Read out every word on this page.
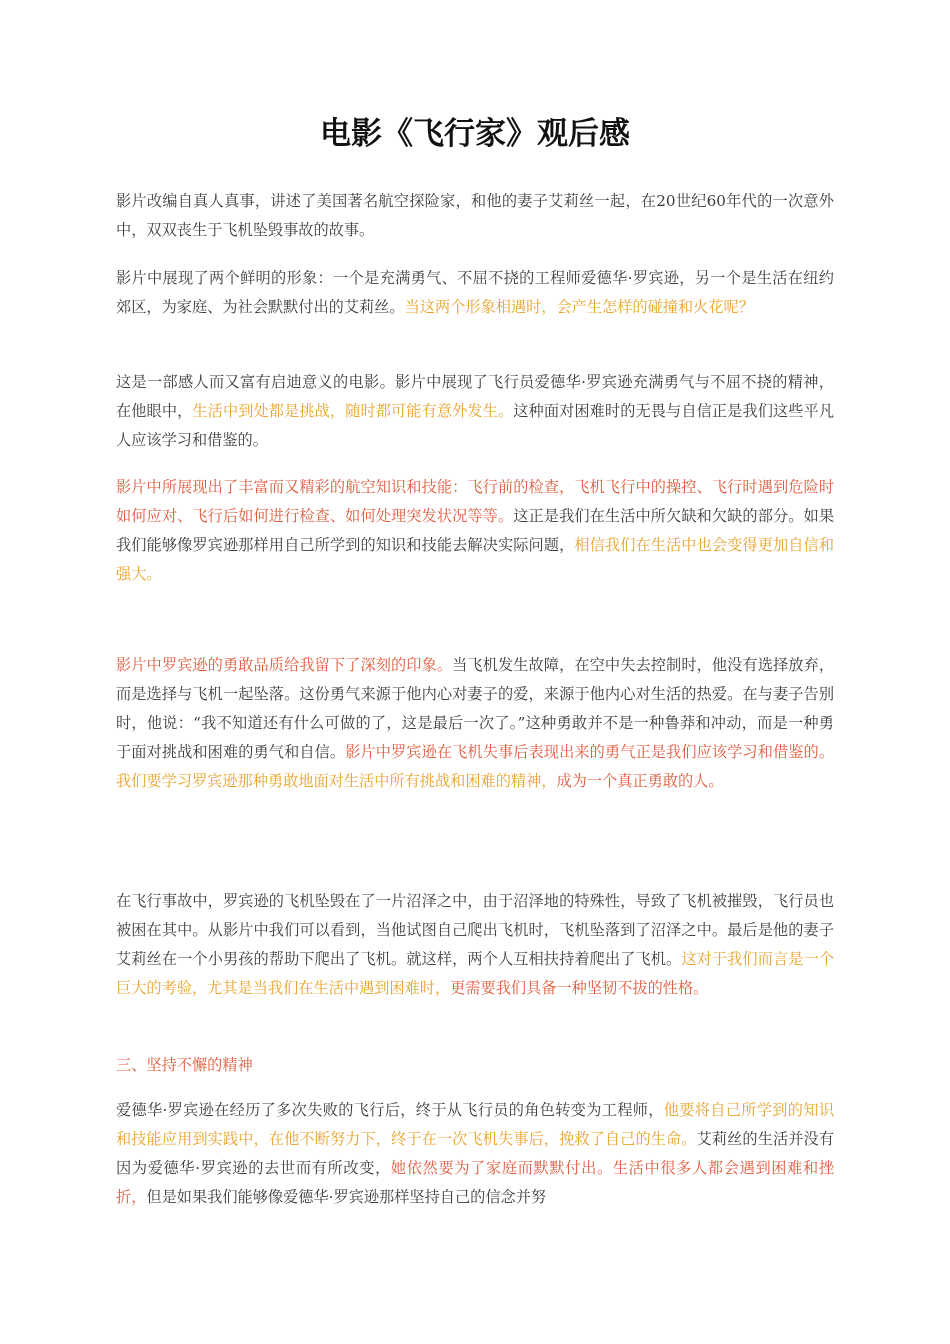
电影《飞行家》观后感

影片改编自真人真事，讲述了美国著名航空探险家，和他的妻子艾莉丝一起，在20世纪60年代的一次意外中，双双丧生于飞机坠毁事故的故事。

影片中展现了两个鲜明的形象：一个是充满勇气、不屈不挠的工程师爱德华·罗宾逊，另一个是生活在纽约郊区，为家庭、为社会默默付出的艾莉丝。当这两个形象相遇时，会产生怎样的碰撞和火花呢？

这是一部感人而又富有启迪意义的电影。影片中展现了飞行员爱德华·罗宾逊充满勇气与不屈不挠的精神，在他眼中，生活中到处都是挑战，随时都可能有意外发生。这种面对困难时的无畏与自信正是我们这些平凡人应该学习和借鉴的。

影片中所展现出了丰富而又精彩的航空知识和技能：飞行前的检查，飞机飞行中的操控、飞行时遇到危险时如何应对、飞行后如何进行检查、如何处理突发状况等等。这正是我们在生活中所欠缺和欠缺的部分。如果我们能够像罗宾逊那样用自己所学到的知识和技能去解决实际问题，相信我们在生活中也会变得更加自信和强大。

影片中罗宾逊的勇敢品质给我留下了深刻的印象。当飞机发生故障，在空中失去控制时，他没有选择放弃，而是选择与飞机一起坠落。这份勇气来源于他内心对妻子的爱，来源于他内心对生活的热爱。在与妻子告别时，他说：“我不知道还有什么可做的了，这是最后一次了。”这种勇敢并不是一种鲁莽和冲动，而是一种勇于面对挑战和困难的勇气和自信。影片中罗宾逊在飞机失事后表现出来的勇气正是我们应该学习和借鉴的。我们要学习罗宾逊那种勇敢地面对生活中所有挑战和困难的精神，成为一个真正勇敢的人。

在飞行事故中，罗宾逊的飞机坠毁在了一片沼泽之中，由于沼泽地的特殊性，导致了飞机被摧毁，飞行员也被困在其中。从影片中我们可以看到，当他试图自己爬出飞机时，飞机坠落到了沼泽之中。最后是他的妻子艾莉丝在一个小男孩的帮助下爬出了飞机。就这样，两个人互相扶持着爬出了飞机。这对于我们而言是一个巨大的考验，尤其是当我们在生活中遇到困难时，更需要我们具备一种坚韧不拔的性格。

三、坚持不懈的精神

爱德华·罗宾逊在经历了多次失败的飞行后，终于从飞行员的角色转变为工程师，他要将自己所学到的知识和技能应用到实践中，在他不断努力下，终于在一次飞机失事后，挽救了自己的生命。艾莉丝的生活并没有因为爱德华·罗宾逊的去世而有所改变，她依然要为了家庭而默默付出。生活中很多人都会遇到困难和挫折，但是如果我们能够像爱德华·罗宾逊那样坚持自己的信念并努
